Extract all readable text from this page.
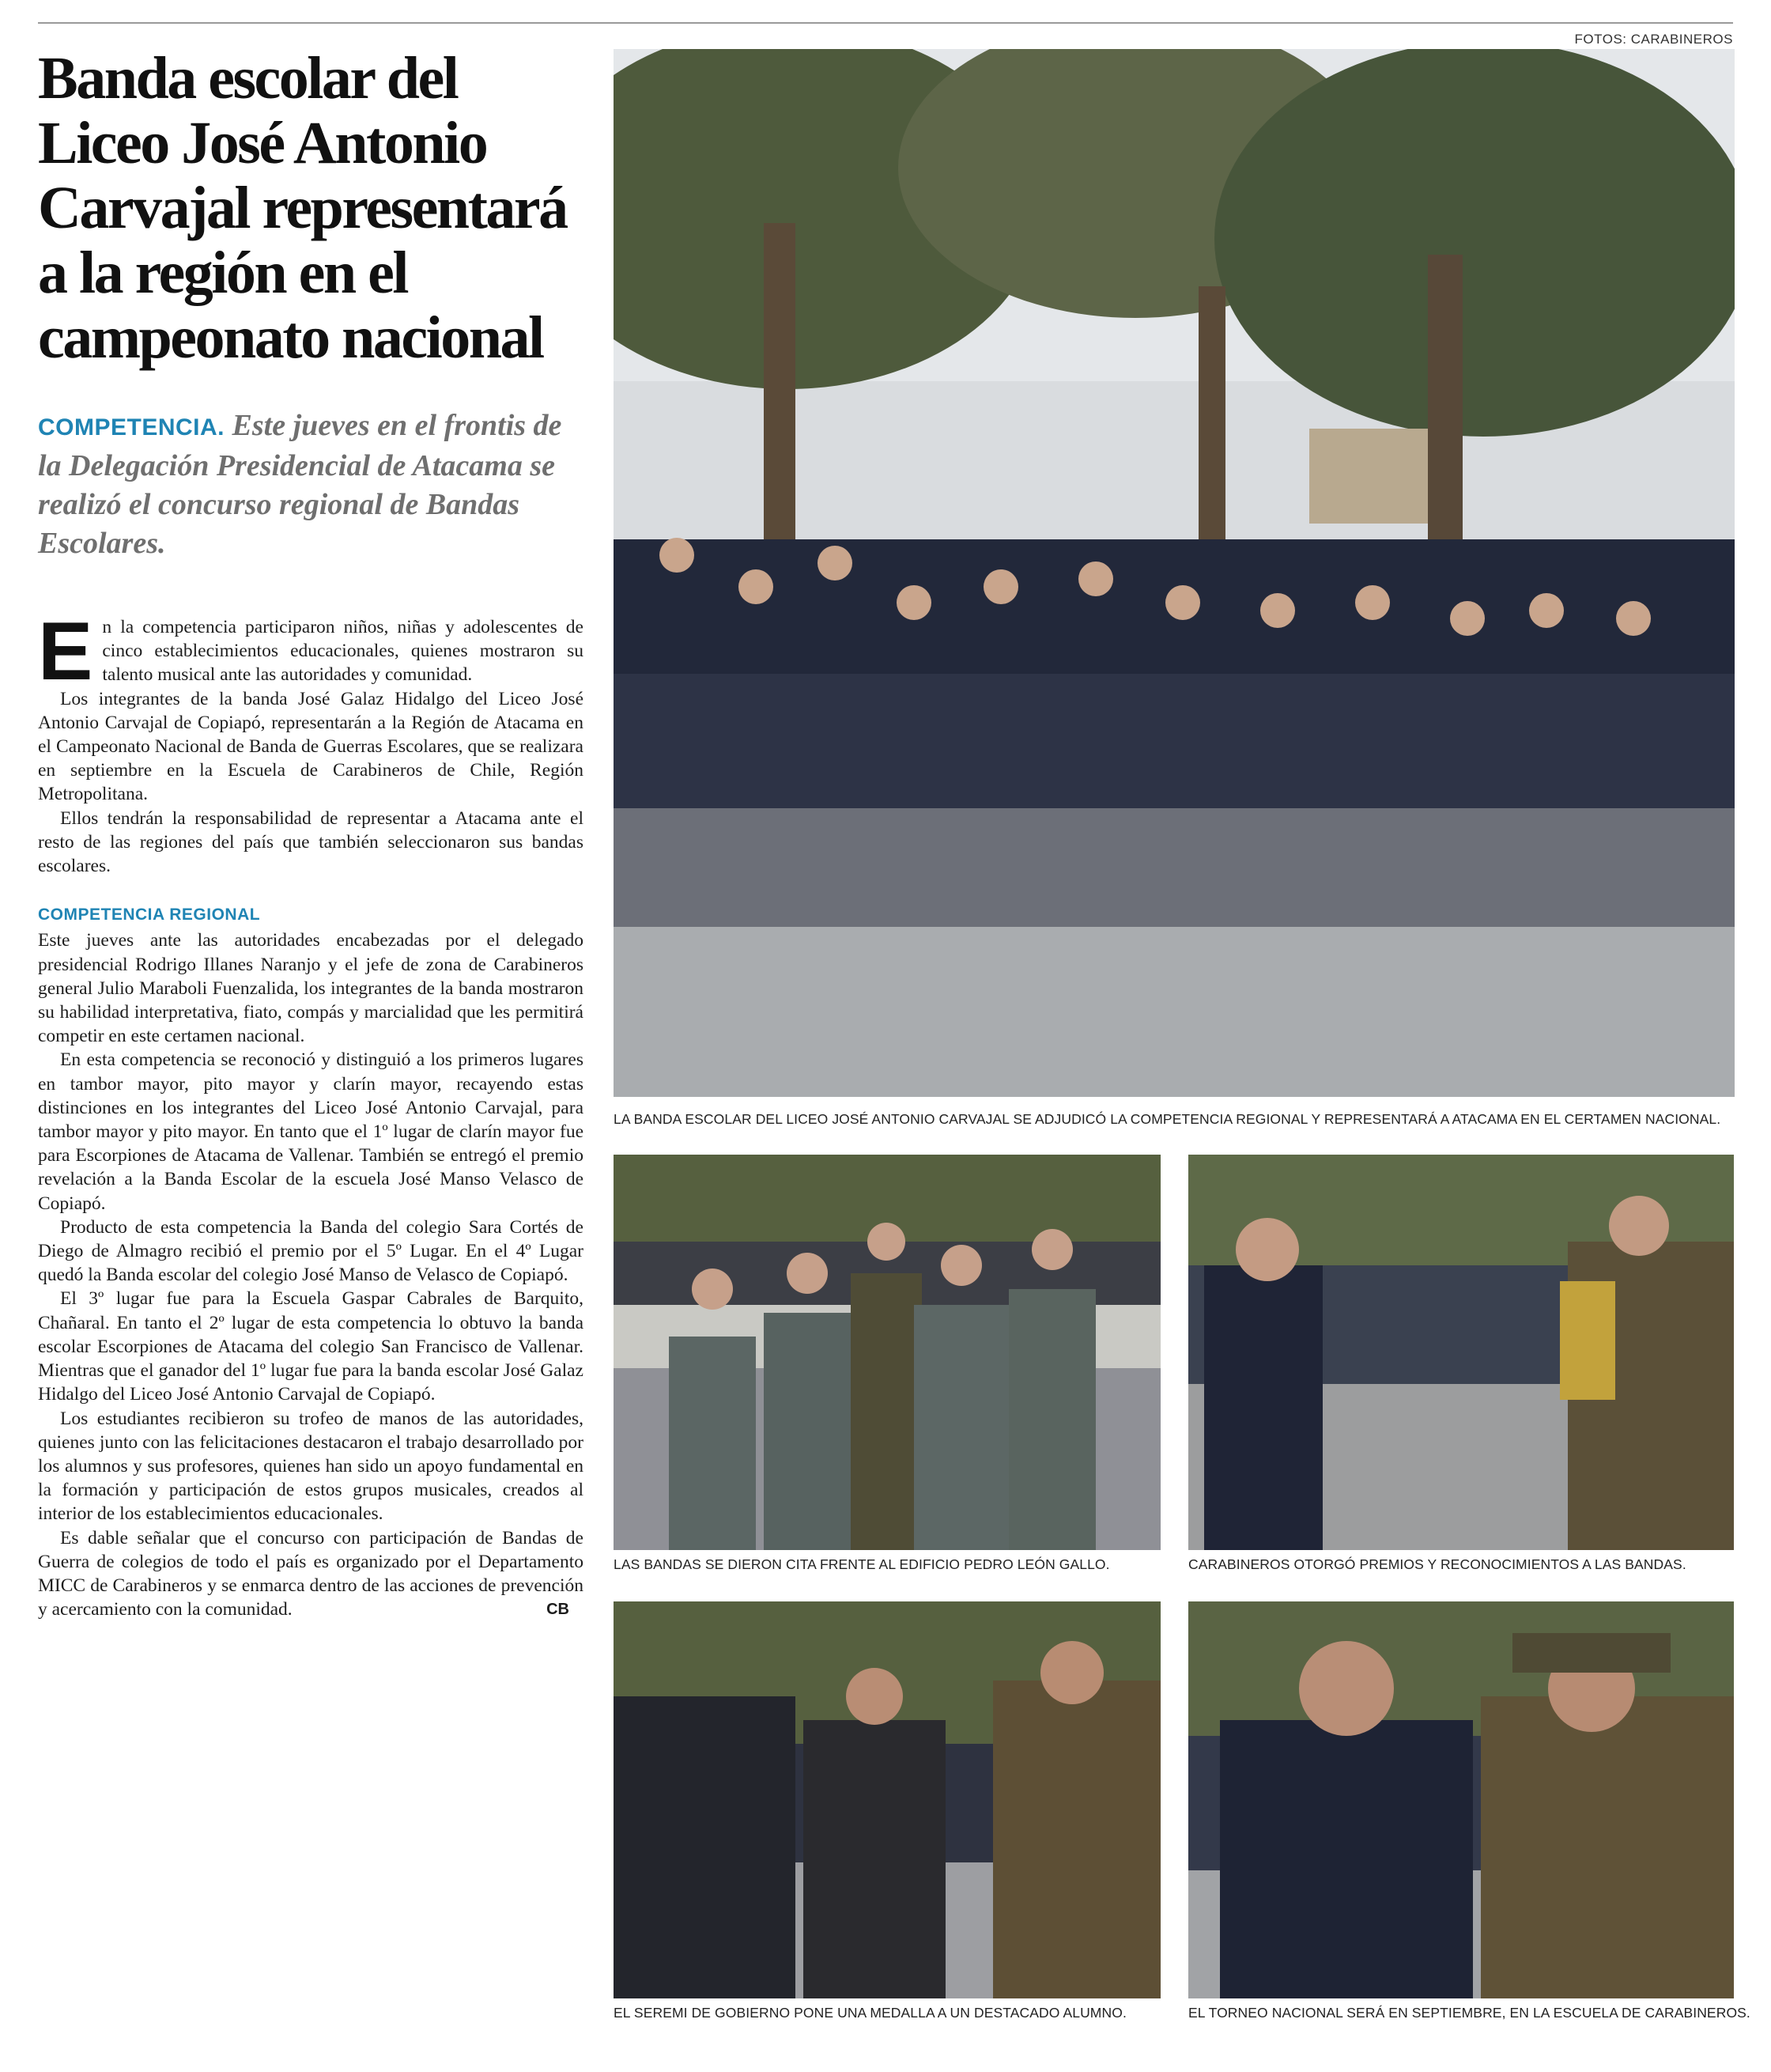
FOTOS: CARABINEROS
Banda escolar del Liceo José Antonio Carvajal representará a la región en el campeonato nacional
COMPETENCIA. Este jueves en el frontis de la Delegación Presidencial de Atacama se realizó el concurso regional de Bandas Escolares.

En la competencia participaron niños, niñas y adolescentes de cinco establecimientos educacionales, quienes mostraron su talento musical ante las autoridades y comunidad.

Los integrantes de la banda José Galaz Hidalgo del Liceo José Antonio Carvajal de Copiapó, representarán a la Región de Atacama en el Campeonato Nacional de Banda de Guerras Escolares, que se realizara en septiembre en la Escuela de Carabineros de Chile, Región Metropolitana.

Ellos tendrán la responsabilidad de representar a Atacama ante el resto de las regiones del país que también seleccionaron sus bandas escolares.

COMPETENCIA REGIONAL

Este jueves ante las autoridades encabezadas por el delegado presidencial Rodrigo Illanes Naranjo y el jefe de zona de Carabineros general Julio Maraboli Fuenzalida, los integrantes de la banda mostraron su habilidad interpretativa, fiato, compás y marcialidad que les permitirá competir en este certamen nacional.

En esta competencia se reconoció y distinguió a los primeros lugares en tambor mayor, pito mayor y clarín mayor, recayendo estas distinciones en los integrantes del Liceo José Antonio Carvajal, para tambor mayor y pito mayor. En tanto que el 1º lugar de clarín mayor fue para Escorpiones de Atacama de Vallenar. También se entregó el premio revelación a la Banda Escolar de la escuela José Manso Velasco de Copiapó.

Producto de esta competencia la Banda del colegio Sara Cortés de Diego de Almagro recibió el premio por el 5º Lugar. En el 4º Lugar quedó la Banda escolar del colegio José Manso de Velasco de Copiapó.

El 3º lugar fue para la Escuela Gaspar Cabrales de Barquito, Chañaral. En tanto el 2º lugar de esta competencia lo obtuvo la banda escolar Escorpiones de Atacama del colegio San Francisco de Vallenar. Mientras que el ganador del 1º lugar fue para la banda escolar José Galaz Hidalgo del Liceo José Antonio Carvajal de Copiapó.

Los estudiantes recibieron su trofeo de manos de las autoridades, quienes junto con las felicitaciones destacaron el trabajo desarrollado por los alumnos y sus profesores, quienes han sido un apoyo fundamental en la formación y participación de estos grupos musicales, creados al interior de los establecimientos educacionales.

Es dable señalar que el concurso con participación de Bandas de Guerra de colegios de todo el país es organizado por el Departamento MICC de Carabineros y se enmarca dentro de las acciones de prevención y acercamiento con la comunidad.	CB

LA BANDA ESCOLAR DEL LICEO JOSÉ ANTONIO CARVAJAL SE ADJUDICÓ LA COMPETENCIA REGIONAL Y REPRESENTARÁ A ATACAMA EN EL CERTAMEN NACIONAL.
LAS BANDAS SE DIERON CITA FRENTE AL EDIFICIO PEDRO LEÓN GALLO.	CARABINEROS OTORGÓ PREMIOS Y RECONOCIMIENTOS A LAS BANDAS.
EL SEREMI DE GOBIERNO PONE UNA MEDALLA A UN DESTACADO ALUMNO.	EL TORNEO NACIONAL SERÁ EN SEPTIEMBRE, EN LA ESCUELA DE CARABINEROS.
